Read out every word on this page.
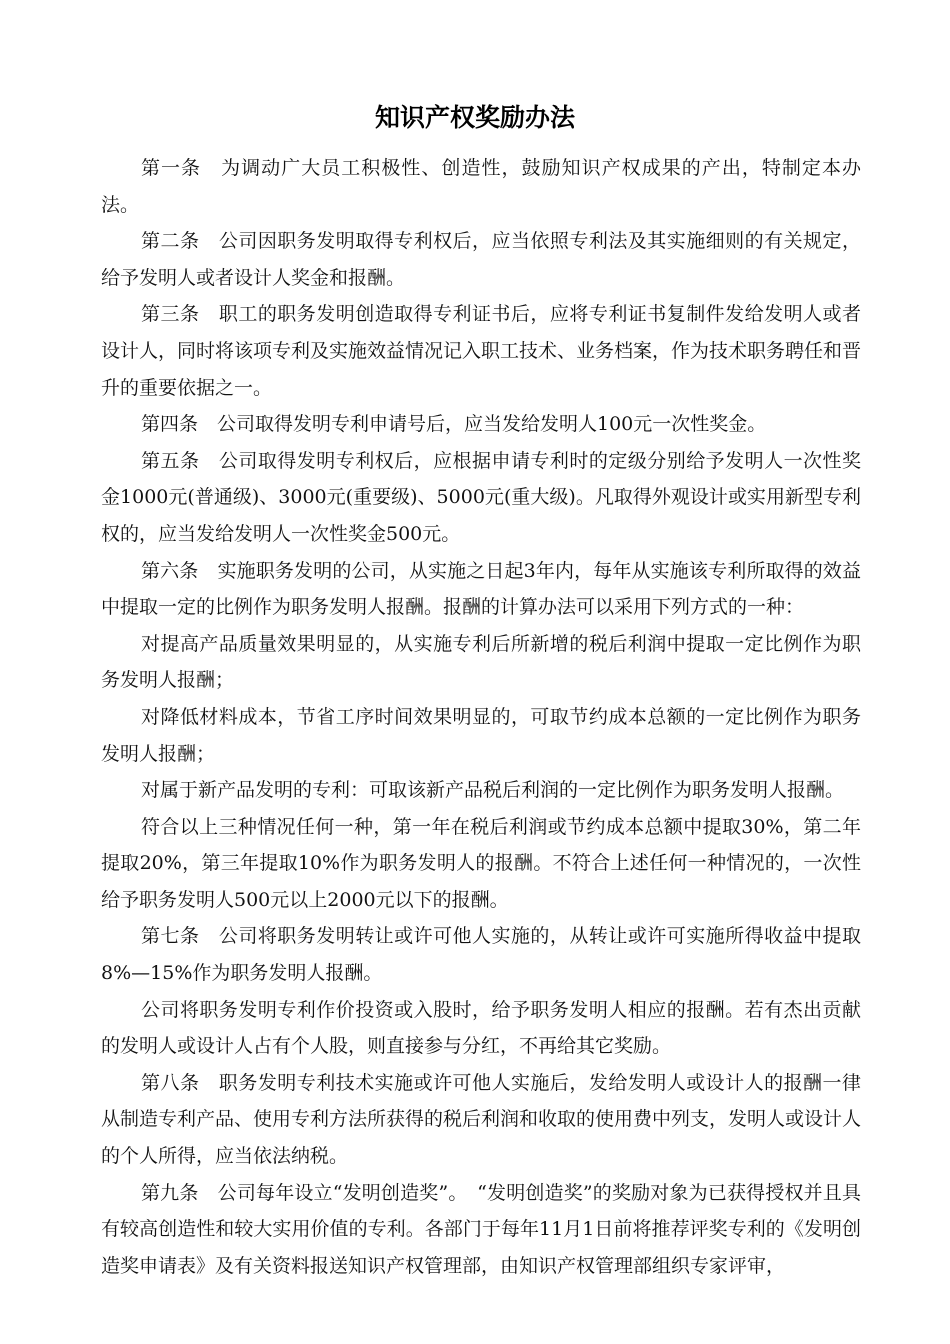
知识产权奖励办法

第一条　为调动广大员工积极性、创造性，鼓励知识产权成果的产出，特制定本办法。

第二条　公司因职务发明取得专利权后，应当依照专利法及其实施细则的有关规定，给予发明人或者设计人奖金和报酬。

第三条　职工的职务发明创造取得专利证书后，应将专利证书复制件发给发明人或者设计人，同时将该项专利及实施效益情况记入职工技术、业务档案，作为技术职务聘任和晋升的重要依据之一。

第四条　公司取得发明专利申请号后，应当发给发明人100元一次性奖金。

第五条　公司取得发明专利权后，应根据申请专利时的定级分别给予发明人一次性奖金1000元(普通级)、3000元(重要级)、5000元(重大级)。凡取得外观设计或实用新型专利权的，应当发给发明人一次性奖金500元。

第六条　实施职务发明的公司，从实施之日起3年内，每年从实施该专利所取得的效益中提取一定的比例作为职务发明人报酬。报酬的计算办法可以采用下列方式的一种：

对提高产品质量效果明显的，从实施专利后所新增的税后利润中提取一定比例作为职务发明人报酬；

对降低材料成本，节省工序时间效果明显的，可取节约成本总额的一定比例作为职务发明人报酬；

对属于新产品发明的专利：可取该新产品税后利润的一定比例作为职务发明人报酬。

符合以上三种情况任何一种，第一年在税后利润或节约成本总额中提取30%，第二年提取20%，第三年提取10%作为职务发明人的报酬。不符合上述任何一种情况的，一次性给予职务发明人500元以上2000元以下的报酬。

第七条　公司将职务发明转让或许可他人实施的，从转让或许可实施所得收益中提取8%—15%作为职务发明人报酬。

公司将职务发明专利作价投资或入股时，给予职务发明人相应的报酬。若有杰出贡献的发明人或设计人占有个人股，则直接参与分红，不再给其它奖励。

第八条　职务发明专利技术实施或许可他人实施后，发给发明人或设计人的报酬一律从制造专利产品、使用专利方法所获得的税后利润和收取的使用费中列支，发明人或设计人的个人所得，应当依法纳税。

第九条　公司每年设立“发明创造奖”。　“发明创造奖”的奖励对象为已获得授权并且具有较高创造性和较大实用价值的专利。各部门于每年11月1日前将推荐评奖专利的《发明创造奖申请表》及有关资料报送知识产权管理部，由知识产权管理部组织专家评审，
